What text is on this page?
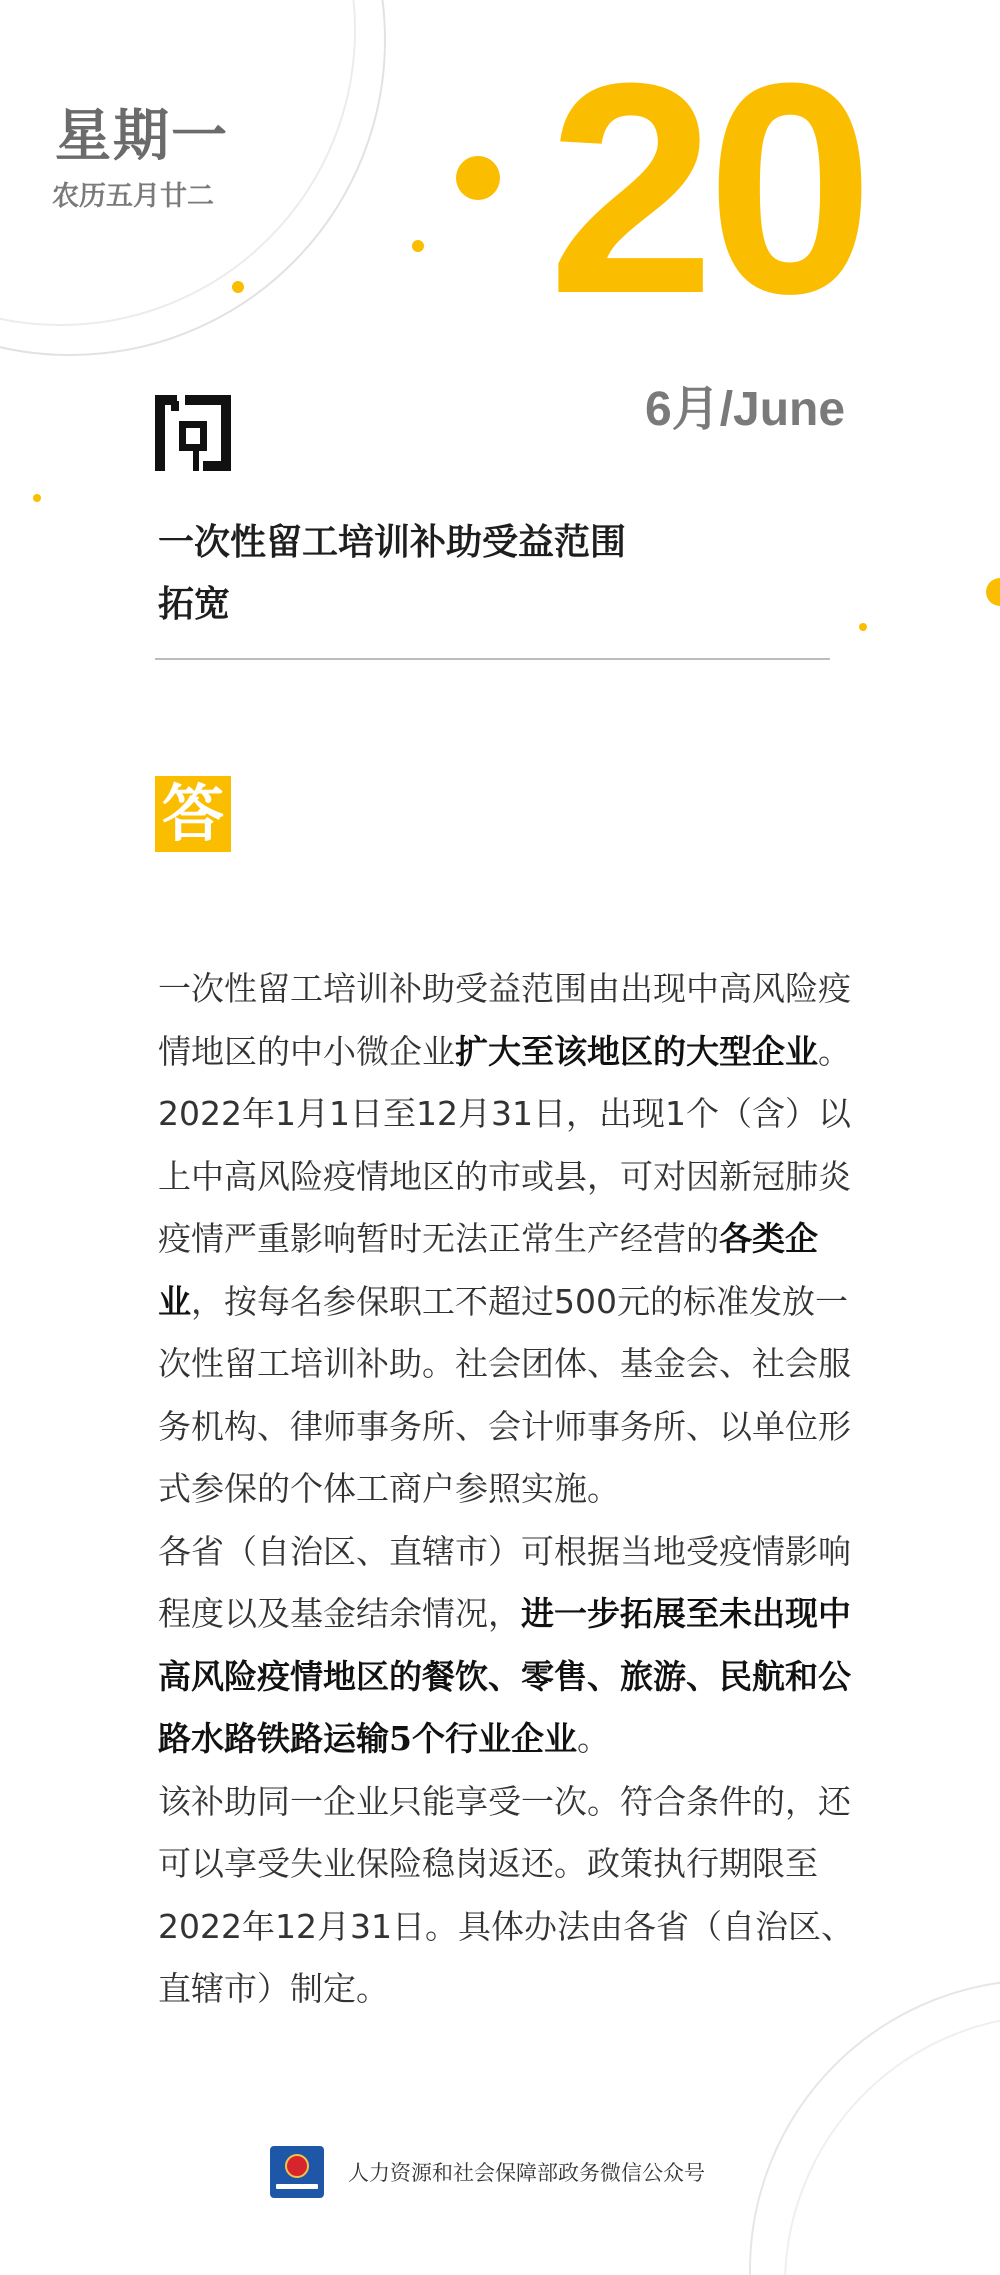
星期一
农历五月廿二 20
6月/June
一次性留工培训补助受益范围
拓宽
答

一次性留工培训补助受益范围由出现中高风险疫情地区的中小微企业扩大至该地区的大型企业。

2022年1月1日至12月31日，出现1个（含）以上中高风险疫情地区的市或县，可对因新冠肺炎疫情严重影响暂时无法正常生产经营的各类企业，按每名参保职工不超过500元的标准发放一次性留工培训补助。社会团体、基金会、社会服务机构、律师事务所、会计师事务所、以单位形式参保的个体工商户参照实施。

各省（自治区、直辖市）可根据当地受疫情影响程度以及基金结余情况，进一步拓展至未出现中高风险疫情地区的餐饮、零售、旅游、民航和公路水路铁路运输5个行业企业。

该补助同一企业只能享受一次。符合条件的，还可以享受失业保险稳岗返还。政策执行期限至2022年12月31日。具体办法由各省（自治区、直辖市）制定。

人力资源和社会保障部政务微信公众号
